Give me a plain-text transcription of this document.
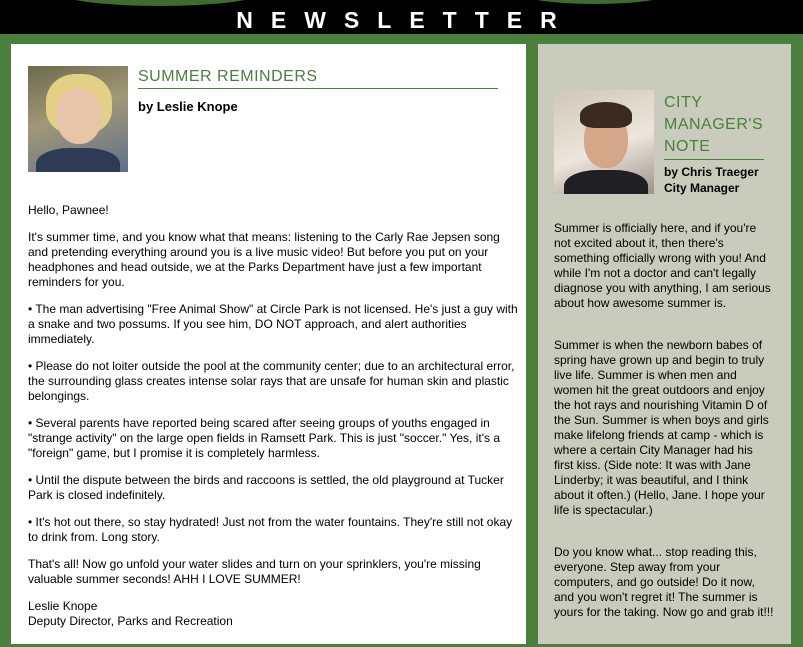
NEWSLETTER
SUMMER REMINDERS
by Leslie Knope

Hello, Pawnee!

It's summer time, and you know what that means: listening to the Carly Rae Jepsen song and pretending everything around you is a live music video! But before you put on your headphones and head outside, we at the Parks Department have just a few important reminders for you.

• The man advertising "Free Animal Show" at Circle Park is not licensed. He's just a guy with a snake and two possums. If you see him, DO NOT approach, and alert authorities immediately.

• Please do not loiter outside the pool at the community center; due to an architectural error, the surrounding glass creates intense solar rays that are unsafe for human skin and plastic belongings.

• Several parents have reported being scared after seeing groups of youths engaged in "strange activity" on the large open fields in Ramsett Park. This is just "soccer." Yes, it's a "foreign" game, but I promise it is completely harmless.

• Until the dispute between the birds and raccoons is settled, the old playground at Tucker Park is closed indefinitely.

• It's hot out there, so stay hydrated! Just not from the water fountains. They're still not okay to drink from. Long story.

That's all! Now go unfold your water slides and turn on your sprinklers, you're missing valuable summer seconds! AHH I LOVE SUMMER!

Leslie Knope

Deputy Director, Parks and Recreation

CITY MANAGER'S NOTE
by Chris Traeger
City Manager

Summer is officially here, and if you're not excited about it, then there's something officially wrong with you! And while I'm not a doctor and can't legally diagnose you with anything, I am serious about how awesome summer is.

Summer is when the newborn babes of spring have grown up and begin to truly live life. Summer is when men and women hit the great outdoors and enjoy the hot rays and nourishing Vitamin D of the Sun. Summer is when boys and girls make lifelong friends at camp - which is where a certain City Manager had his first kiss. (Side note: It was with Jane Linderby; it was beautiful, and I think about it often.) (Hello, Jane. I hope your life is spectacular.)

Do you know what... stop reading this, everyone. Step away from your computers, and go outside! Do it now, and you won't regret it! The summer is yours for the taking. Now go and grab it!!!
